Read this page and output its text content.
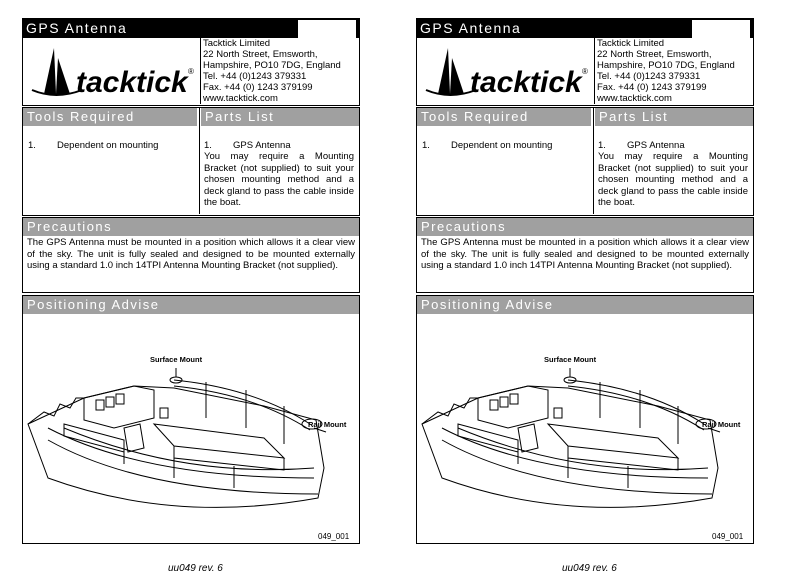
GPS Antenna	micronet
tacktick ®
Tacktick Limited
22 North Street, Emsworth,
Hampshire, PO10 7DG, England
Tel. +44 (0)1243 379331
Fax. +44 (0) 1243 379199
www.tacktick.com
Tools Required	Parts List
1.        Dependent on mounting	1.        GPS Antenna
You may require a Mounting Bracket (not supplied) to suit your chosen mounting method and a deck gland to pass the cable inside the boat.
Precautions
The GPS Antenna must be mounted in a position which allows it a clear view of the sky. The unit is fully sealed and designed to be mounted externally using a standard 1.0 inch 14TPI Antenna Mounting Bracket (not supplied).
Positioning Advise
Surface Mount
Rail Mount
049_001
uu049 rev. 6
GPS Antenna	micronet
tacktick ®
Tacktick Limited
22 North Street, Emsworth,
Hampshire, PO10 7DG, England
Tel. +44 (0)1243 379331
Fax. +44 (0) 1243 379199
www.tacktick.com
Tools Required	Parts List
1.        Dependent on mounting	1.        GPS Antenna
You may require a Mounting Bracket (not supplied) to suit your chosen mounting method and a deck gland to pass the cable inside the boat.
Precautions
The GPS Antenna must be mounted in a position which allows it a clear view of the sky. The unit is fully sealed and designed to be mounted externally using a standard 1.0 inch 14TPI Antenna Mounting Bracket (not supplied).
Positioning Advise
Surface Mount
Rail Mount
049_001
uu049 rev. 6
